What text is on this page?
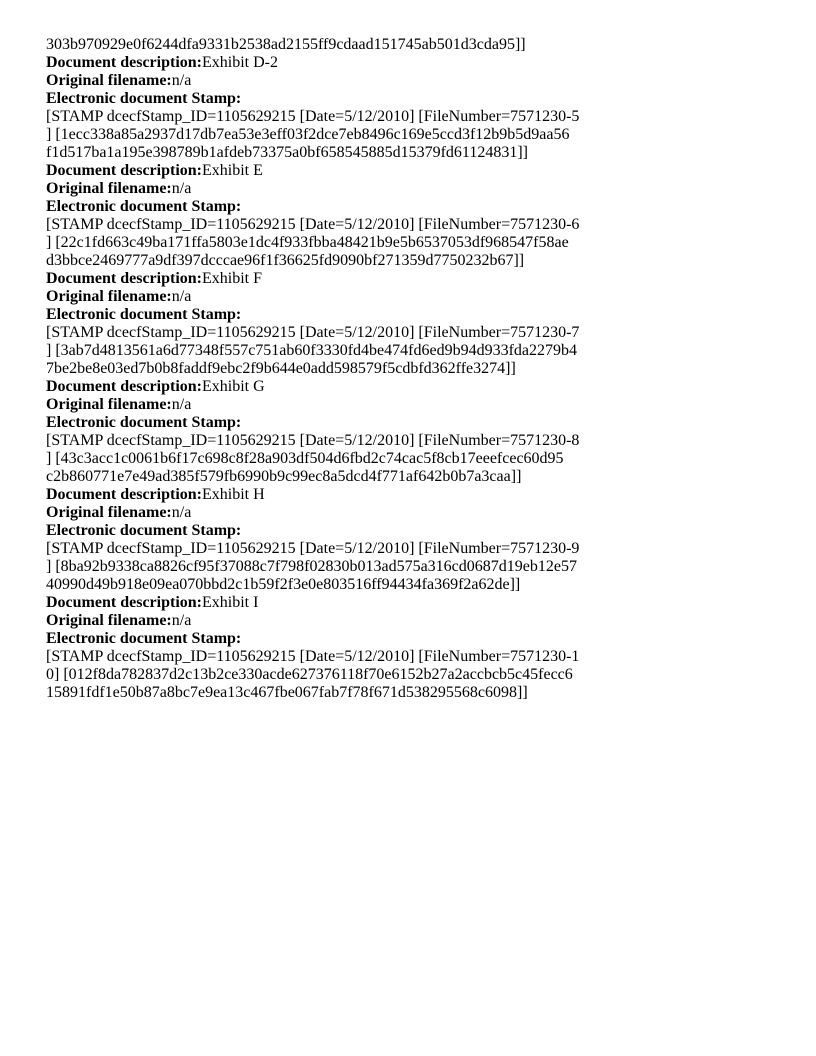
303b970929e0f6244dfa9331b2538ad2155ff9cdaad151745ab501d3cda95]]
Document description:Exhibit D-2
Original filename:n/a
Electronic document Stamp:
[STAMP dcecfStamp_ID=1105629215 [Date=5/12/2010] [FileNumber=7571230-5
] [1ecc338a85a2937d17db7ea53e3eff03f2dce7eb8496c169e5ccd3f12b9b5d9aa56
f1d517ba1a195e398789b1afdeb73375a0bf658545885d15379fd61124831]]
Document description:Exhibit E
Original filename:n/a
Electronic document Stamp:
[STAMP dcecfStamp_ID=1105629215 [Date=5/12/2010] [FileNumber=7571230-6
] [22c1fd663c49ba171ffa5803e1dc4f933fbba48421b9e5b6537053df968547f58ae
d3bbce2469777a9df397dcccae96f1f36625fd9090bf271359d7750232b67]]
Document description:Exhibit F
Original filename:n/a
Electronic document Stamp:
[STAMP dcecfStamp_ID=1105629215 [Date=5/12/2010] [FileNumber=7571230-7
] [3ab7d4813561a6d77348f557c751ab60f3330fd4be474fd6ed9b94d933fda2279b4
7be2be8e03ed7b0b8faddf9ebc2f9b644e0add598579f5cdbfd362ffe3274]]
Document description:Exhibit G
Original filename:n/a
Electronic document Stamp:
[STAMP dcecfStamp_ID=1105629215 [Date=5/12/2010] [FileNumber=7571230-8
] [43c3acc1c0061b6f17c698c8f28a903df504d6fbd2c74cac5f8cb17eeefcec60d95
c2b860771e7e49ad385f579fb6990b9c99ec8a5dcd4f771af642b0b7a3caa]]
Document description:Exhibit H
Original filename:n/a
Electronic document Stamp:
[STAMP dcecfStamp_ID=1105629215 [Date=5/12/2010] [FileNumber=7571230-9
] [8ba92b9338ca8826cf95f37088c7f798f02830b013ad575a316cd0687d19eb12e57
40990d49b918e09ea070bbd2c1b59f2f3e0e803516ff94434fa369f2a62de]]
Document description:Exhibit I
Original filename:n/a
Electronic document Stamp:
[STAMP dcecfStamp_ID=1105629215 [Date=5/12/2010] [FileNumber=7571230-1
0] [012f8da782837d2c13b2ce330acde627376118f70e6152b27a2accbcb5c45fecc6
15891fdf1e50b87a8bc7e9ea13c467fbe067fab7f78f671d538295568c6098]]
